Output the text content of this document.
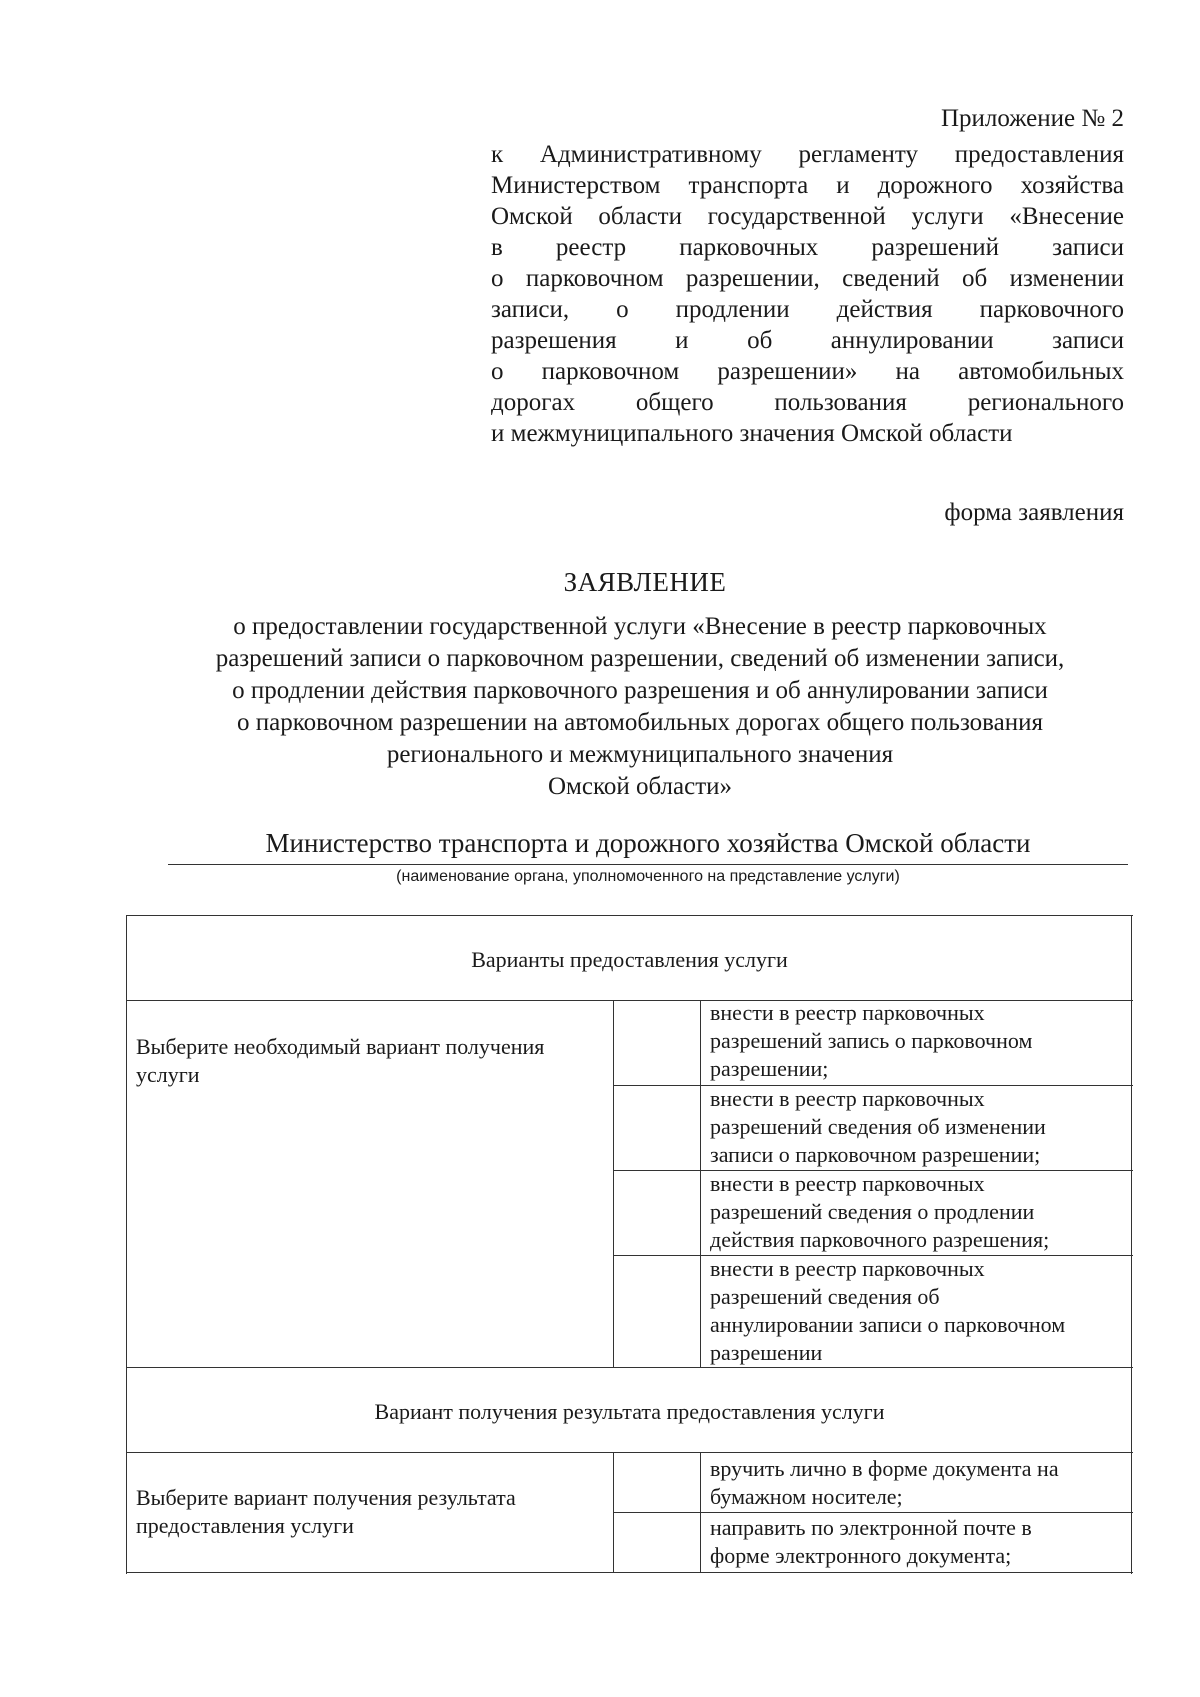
Приложение № 2
к Административному регламенту предоставления
Министерством транспорта и дорожного хозяйства
Омской области государственной услуги «Внесение
в реестр парковочных разрешений записи
о парковочном разрешении, сведений об изменении
записи, о продлении действия парковочного
разрешения и об аннулировании записи
о парковочном разрешении» на автомобильных
дорогах общего пользования регионального
и межмуниципального значения Омской области
форма заявления
ЗАЯВЛЕНИЕ
о предоставлении государственной услуги «Внесение в реестр парковочных
разрешений записи о парковочном разрешении, сведений об изменении записи,
о продлении действия парковочного разрешения и об аннулировании записи
о парковочном разрешении на автомобильных дорогах общего пользования
регионального и межмуниципального значения
Омской области»
Министерство транспорта и дорожного хозяйства Омской области
(наименование органа, уполномоченного на представление услуги)
Варианты предоставления услуги
Выберите необходимый вариант получения услуги
внести в реестр парковочных
разрешений запись о парковочном
разрешении;
внести в реестр парковочных
разрешений сведения об изменении
записи о парковочном разрешении;
внести в реестр парковочных
разрешений сведения о продлении
действия парковочного разрешения;
внести в реестр парковочных
разрешений сведения об
аннулировании записи о парковочном
разрешении
Вариант получения результата предоставления услуги
Выберите вариант получения результата предоставления услуги
вручить лично в форме документа на
бумажном носителе;
направить по электронной почте в
форме электронного документа;
